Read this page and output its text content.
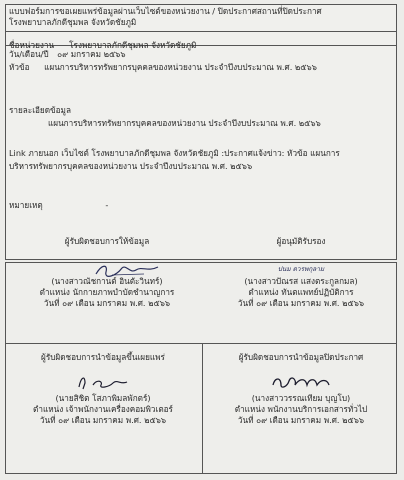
แบบฟอร์มการขอเผยแพร่ข้อมูลผ่านเว็บไซต์ของหน่วยงาน / ปิดประกาศสถานที่ปิดประกาศ
โรงพยาบาลภักดีชุมพล จังหวัดชัยภูมิ
ชื่อหน่วยงาน โรงพยาบาลภักดีชุมพล จังหวัดชัยภูมิ
วัน/เดือน/ปี ๐๙ มกราคม ๒๕๖๖
หัวข้อ แผนการบริหารทรัพยากรบุคคลของหน่วยงาน ประจำปีงบประมาณ พ.ศ. ๒๕๖๖
รายละเอียดข้อมูล
แผนการบริหารทรัพยากรบุคคลของหน่วยงาน ประจำปีงบประมาณ พ.ศ. ๒๕๖๖
Link ภายนอก เว็บไซต์ โรงพยาบาลภักดีชุมพล จังหวัดชัยภูมิ :ประกาศแจ้งข่าว: หัวข้อ แผนการ
บริหารทรัพยากรบุคคลของหน่วยงาน ประจำปีงบประมาณ พ.ศ. ๒๕๖๖
หมายเหตุ	-
ผู้รับผิดชอบการให้ข้อมูล
(นางสาวณัชกานต์ อินตัะวินทร์)
ตำแหน่ง นักกายภาพบำบัดชำนาญการ
วันที่ ๐๙ เดือน มกราคม พ.ศ. ๒๕๖๖
ผู้อนุมัติรับรอง
ปนม ดวรพกุลาม
(นางสาวปัณรส แสงตระกูลกมล)
ตำแหน่ง ทันตแพทย์ปฏิบัติการ
วันที่ ๐๙ เดือน มกราคม พ.ศ. ๒๕๖๖
ผู้รับผิดชอบการนำข้อมูลขึ้นเผยแพร่
(นายสิชิต โสภาพิมลพักตร์)
ตำแหน่ง เจ้าพนักงานเครื่องคอมพิวเตอร์
วันที่ ๐๙ เดือน มกราคม พ.ศ. ๒๕๖๖
ผู้รับผิดชอบการนำข้อมูลปิดประกาศ
(นางสาววรรณเทียม บุญโบ)
ตำแหน่ง พนักงานบริการเอกสารทั่วไป
วันที่ ๐๙ เดือน มกราคม พ.ศ. ๒๕๖๖
